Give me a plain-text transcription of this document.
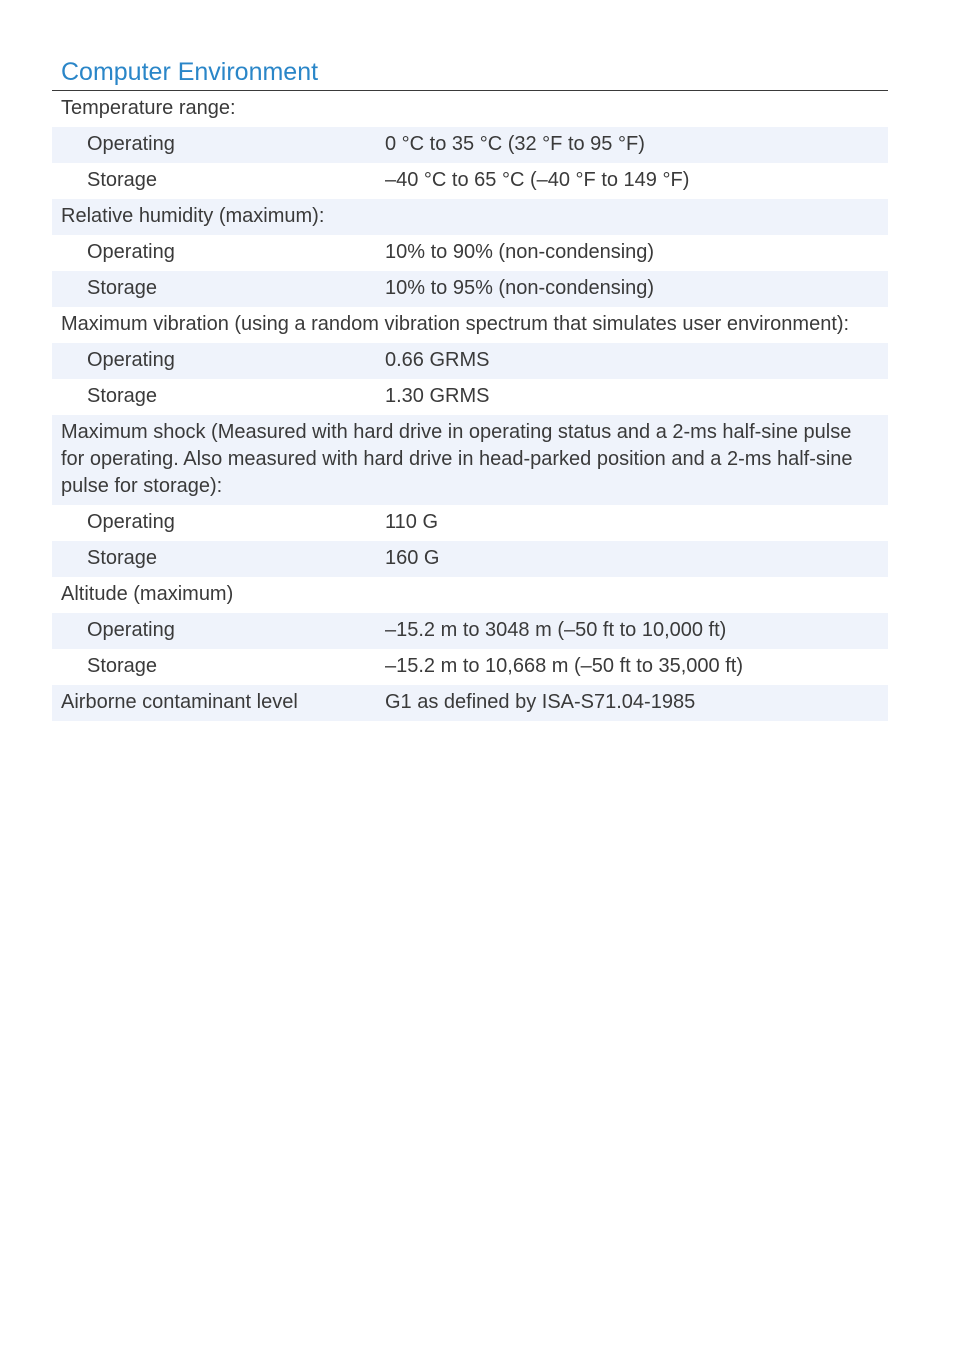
Computer Environment
Temperature range:	
Operating	0 °C to 35 °C (32 °F to 95 °F)
Storage	–40 °C to 65 °C (–40 °F to 149 °F)
Relative humidity (maximum):	
Operating	10% to 90% (non-condensing)
Storage	10% to 95% (non-condensing)
Maximum vibration (using a random vibration spectrum that simulates user environment):	
Operating	0.66 GRMS
Storage	1.30 GRMS
Maximum shock (Measured with hard drive in operating status and a 2-ms half-sine pulse for operating. Also measured with hard drive in head-parked position and a 2-ms half-sine pulse for storage):	
Operating	110 G
Storage	160 G
Altitude (maximum)	
Operating	–15.2 m to 3048 m (–50 ft to 10,000 ft)
Storage	–15.2 m to 10,668 m (–50 ft to 35,000 ft)
Airborne contaminant level	G1 as defined by ISA-S71.04-1985
